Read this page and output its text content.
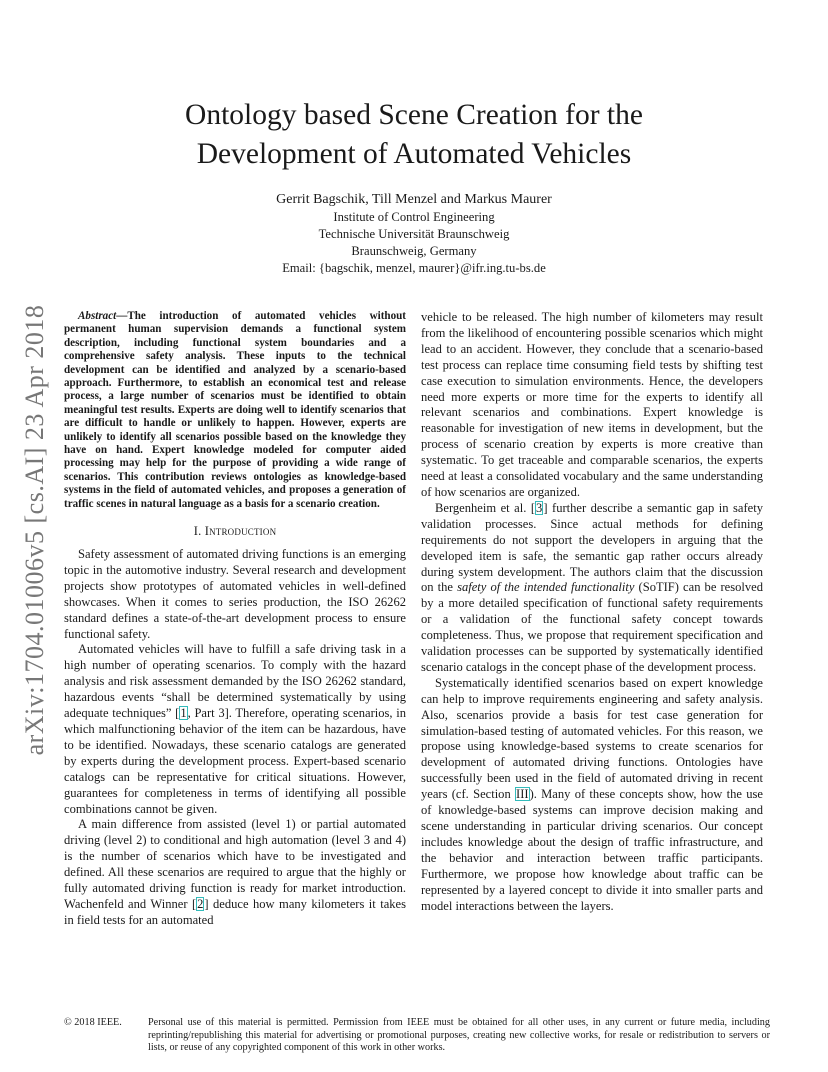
arXiv:1704.01006v5 [cs.AI] 23 Apr 2018
Ontology based Scene Creation for the
Development of Automated Vehicles
Gerrit Bagschik, Till Menzel and Markus Maurer
Institute of Control Engineering
Technische Universität Braunschweig
Braunschweig, Germany
Email: {bagschik, menzel, maurer}@ifr.ing.tu-bs.de

Abstract—The introduction of automated vehicles without permanent human supervision demands a functional system description, including functional system boundaries and a comprehensive safety analysis. These inputs to the technical development can be identified and analyzed by a scenario-based approach. Furthermore, to establish an economical test and release process, a large number of scenarios must be identified to obtain meaningful test results. Experts are doing well to identify scenarios that are difficult to handle or unlikely to happen. However, experts are unlikely to identify all scenarios possible based on the knowledge they have on hand. Expert knowledge modeled for computer aided processing may help for the purpose of providing a wide range of scenarios. This contribution reviews ontologies as knowledge-based systems in the field of automated vehicles, and proposes a generation of traffic scenes in natural language as a basis for a scenario creation.

I. Introduction

Safety assessment of automated driving functions is an emerging topic in the automotive industry. Several research and development projects show prototypes of automated vehicles in well-defined showcases. When it comes to series production, the ISO 26262 standard defines a state-of-the-art development process to ensure functional safety.

Automated vehicles will have to fulfill a safe driving task in a high number of operating scenarios. To comply with the hazard analysis and risk assessment demanded by the ISO 26262 standard, hazardous events “shall be determined systematically by using adequate techniques” [1, Part 3]. Therefore, operating scenarios, in which malfunctioning behavior of the item can be hazardous, have to be identified. Nowadays, these scenario catalogs are generated by experts during the development process. Expert-based scenario catalogs can be representative for critical situations. However, guarantees for completeness in terms of identifying all possible combinations cannot be given.

A main difference from assisted (level 1) or partial automated driving (level 2) to conditional and high automation (level 3 and 4) is the number of scenarios which have to be investigated and defined. All these scenarios are required to argue that the highly or fully automated driving function is ready for market introduction. Wachenfeld and Winner [2] deduce how many kilometers it takes in field tests for an automated

vehicle to be released. The high number of kilometers may result from the likelihood of encountering possible scenarios which might lead to an accident. However, they conclude that a scenario-based test process can replace time consuming field tests by shifting test case execution to simulation environments. Hence, the developers need more experts or more time for the experts to identify all relevant scenarios and combinations. Expert knowledge is reasonable for investigation of new items in development, but the process of scenario creation by experts is more creative than systematic. To get traceable and comparable scenarios, the experts need at least a consolidated vocabulary and the same understanding of how scenarios are organized.

Bergenheim et al. [3] further describe a semantic gap in safety validation processes. Since actual methods for defining requirements do not support the developers in arguing that the developed item is safe, the semantic gap rather occurs already during system development. The authors claim that the discussion on the safety of the intended functionality (SoTIF) can be resolved by a more detailed specification of functional safety requirements or a validation of the functional safety concept towards completeness. Thus, we propose that requirement specification and validation processes can be supported by systematically identified scenario catalogs in the concept phase of the development process.

Systematically identified scenarios based on expert knowledge can help to improve requirements engineering and safety analysis. Also, scenarios provide a basis for test case generation for simulation-based testing of automated vehicles. For this reason, we propose using knowledge-based systems to create scenarios for development of automated driving functions. Ontologies have successfully been used in the field of automated driving in recent years (cf. Section III). Many of these concepts show, how the use of knowledge-based systems can improve decision making and scene understanding in particular driving scenarios. Our concept includes knowledge about the design of traffic infrastructure, and the behavior and interaction between traffic participants. Furthermore, we propose how knowledge about traffic can be represented by a layered concept to divide it into smaller parts and model interactions between the layers.

© 2018 IEEE.	Personal use of this material is permitted. Permission from IEEE must be obtained for all other uses, in any current or future media, including reprinting/republishing this material for advertising or promotional purposes, creating new collective works, for resale or redistribution to servers or lists, or reuse of any copyrighted component of this work in other works.
